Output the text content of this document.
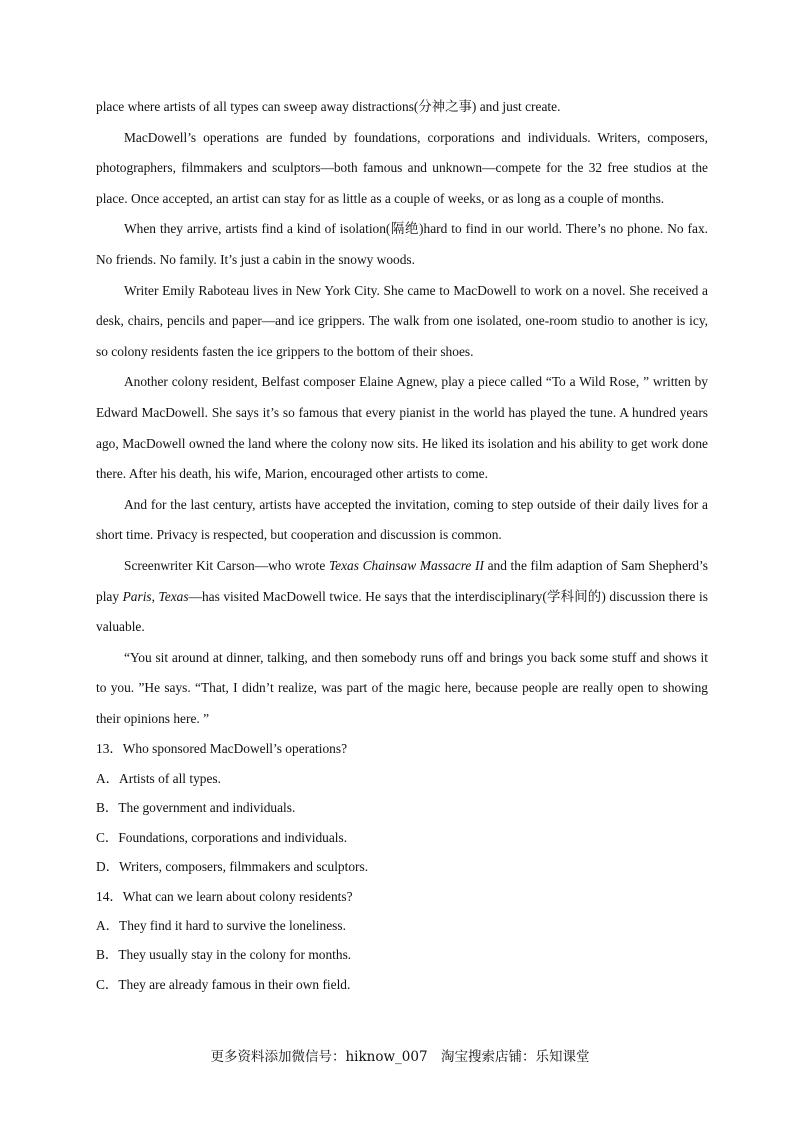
place where artists of all types can sweep away distractions(分神之事) and just create.

MacDowell’s operations are funded by foundations, corporations and individuals. Writers, composers, photographers, filmmakers and sculptors—both famous and unknown—compete for the 32 free studios at the place. Once accepted, an artist can stay for as little as a couple of weeks, or as long as a couple of months.

When they arrive, artists find a kind of isolation(隔绝)hard to find in our world. There’s no phone. No fax. No friends. No family. It’s just a cabin in the snowy woods.

Writer Emily Raboteau lives in New York City. She came to MacDowell to work on a novel. She received a desk, chairs, pencils and paper—and ice grippers. The walk from one isolated, one-room studio to another is icy, so colony residents fasten the ice grippers to the bottom of their shoes.

Another colony resident, Belfast composer Elaine Agnew, play a piece called “To a Wild Rose, ” written by Edward MacDowell. She says it’s so famous that every pianist in the world has played the tune. A hundred years ago, MacDowell owned the land where the colony now sits. He liked its isolation and his ability to get work done there. After his death, his wife, Marion, encouraged other artists to come.

And for the last century, artists have accepted the invitation, coming to step outside of their daily lives for a short time. Privacy is respected, but cooperation and discussion is common.

Screenwriter Kit Carson—who wrote Texas Chainsaw Massacre II and the film adaption of Sam Shepherd’s play Paris, Texas—has visited MacDowell twice. He says that the interdisciplinary(学科间的) discussion there is valuable.

“You sit around at dinner, talking, and then somebody runs off and brings you back some stuff and shows it to you. ”He says. “That, I didn’t realize, was part of the magic here, because people are really open to showing their opinions here. ”

13．Who sponsored MacDowell’s operations?

A．Artists of all types.

B．The government and individuals.

C．Foundations, corporations and individuals.

D．Writers, composers, filmmakers and sculptors.

14．What can we learn about colony residents?

A．They find it hard to survive the loneliness.

B．They usually stay in the colony for months.

C．They are already famous in their own field.

更多资料添加微信号：hiknow_007　淘宝搜索店铺：乐知课堂
